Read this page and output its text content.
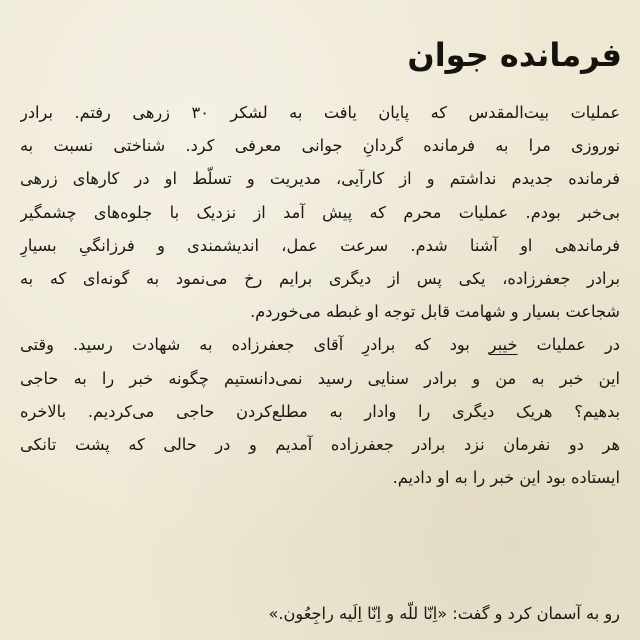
فرمانده جوان
عملیات بیت‌المقدس که پایان یافت به لشکر ۳۰ زرهی رفتم. برادر
نوروزی مرا به فرمانده گردانِ جوانی معرفی کرد. شناختی نسبت به
فرمانده جدیدم نداشتم و از کارآیی، مدیریت و تسلّط او در کارهای زرهی
بی‌خبر بودم. عملیات محرم که پیش آمد از نزدیک با جلوه‌های چشمگیر
فرماندهی او آشنا شدم. سرعت عمل، اندیشمندی و فرزانگیِ بسیارِ
برادر جعفرزاده، یکی پس از دیگری برایم رخ می‌نمود به گونه‌ای که به
شجاعت بسیار و شهامت قابل توجه او غبطه می‌خوردم.
در عملیات خیبر بود که برادرِ آقای جعفرزاده به شهادت رسید. وقتی
این خبر به من و برادر سنایی رسید نمی‌دانستیم چگونه خبر را به حاجی
بدهیم؟ هریک دیگری را وادار به مطلع‌کردن حاجی می‌کردیم. بالاخره
هر دو نفرمان نزد برادر جعفرزاده آمدیم و در حالی که پشت تانکی
ایستاده بود این خبر را به او دادیم.
رو به آسمان کرد و گفت: «اِنّا للّه و اِنّا اِلَیه راجِعُون.»
